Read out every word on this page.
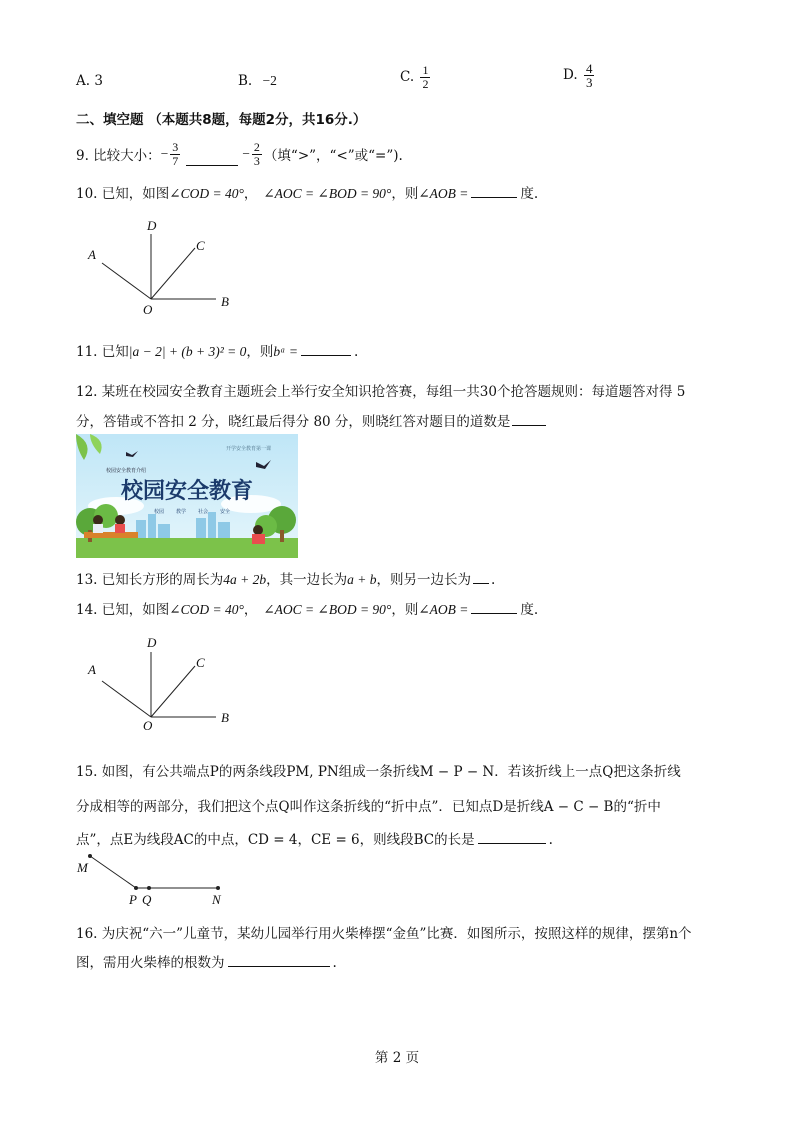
A. 3	B. −2	C. $\frac{1}{2}$	D. $\frac{4}{3}$
二、填空题 （本题共8题，每题2分，共16分.）
9. 比较大小： − $\frac{3}{7}$	− $\frac{2}{3}$ （填“>”，“<”或“=”).
10. 已知，如图∠COD = 40°， ∠AOC = ∠BOD = 90°，则∠AOB =	度.
A
D
C
B
O
11. 已知|a − 2| + (b + 3)² = 0，则bᵃ =	.
12. 某班在校园安全教育主题班会上举行安全知识抢答赛，每组一共30个抢答题规则：每道题答对得 5
分，答错或不答扣 2 分，晓红最后得分 80 分，则晓红答对题目的道数是
开学安全教育第一课
校园安全教育介绍
校园安全教育
校园 教学 社会 安全
13. 已知长方形的周长为4a + 2b，其一边长为a + b，则另一边长为 .
14. 已知，如图∠COD = 40°， ∠AOC = ∠BOD = 90°，则∠AOB =	度.
A
D
C
B
O
15. 如图，有公共端点P的两条线段PM, PN组成一条折线M − P − N．若该折线上一点Q把这条折线
分成相等的两部分，我们把这个点Q叫作这条折线的“折中点”．已知点D是折线A − C − B的“折中
点”，点E为线段AC的中点，CD = 4，CE = 6，则线段BC的长是	.
M
P Q	N
16. 为庆祝“六一”儿童节，某幼儿园举行用火柴棒摆“金鱼”比赛．如图所示，按照这样的规律，摆第n个
图，需用火柴棒的根数为	.
第 2 页
